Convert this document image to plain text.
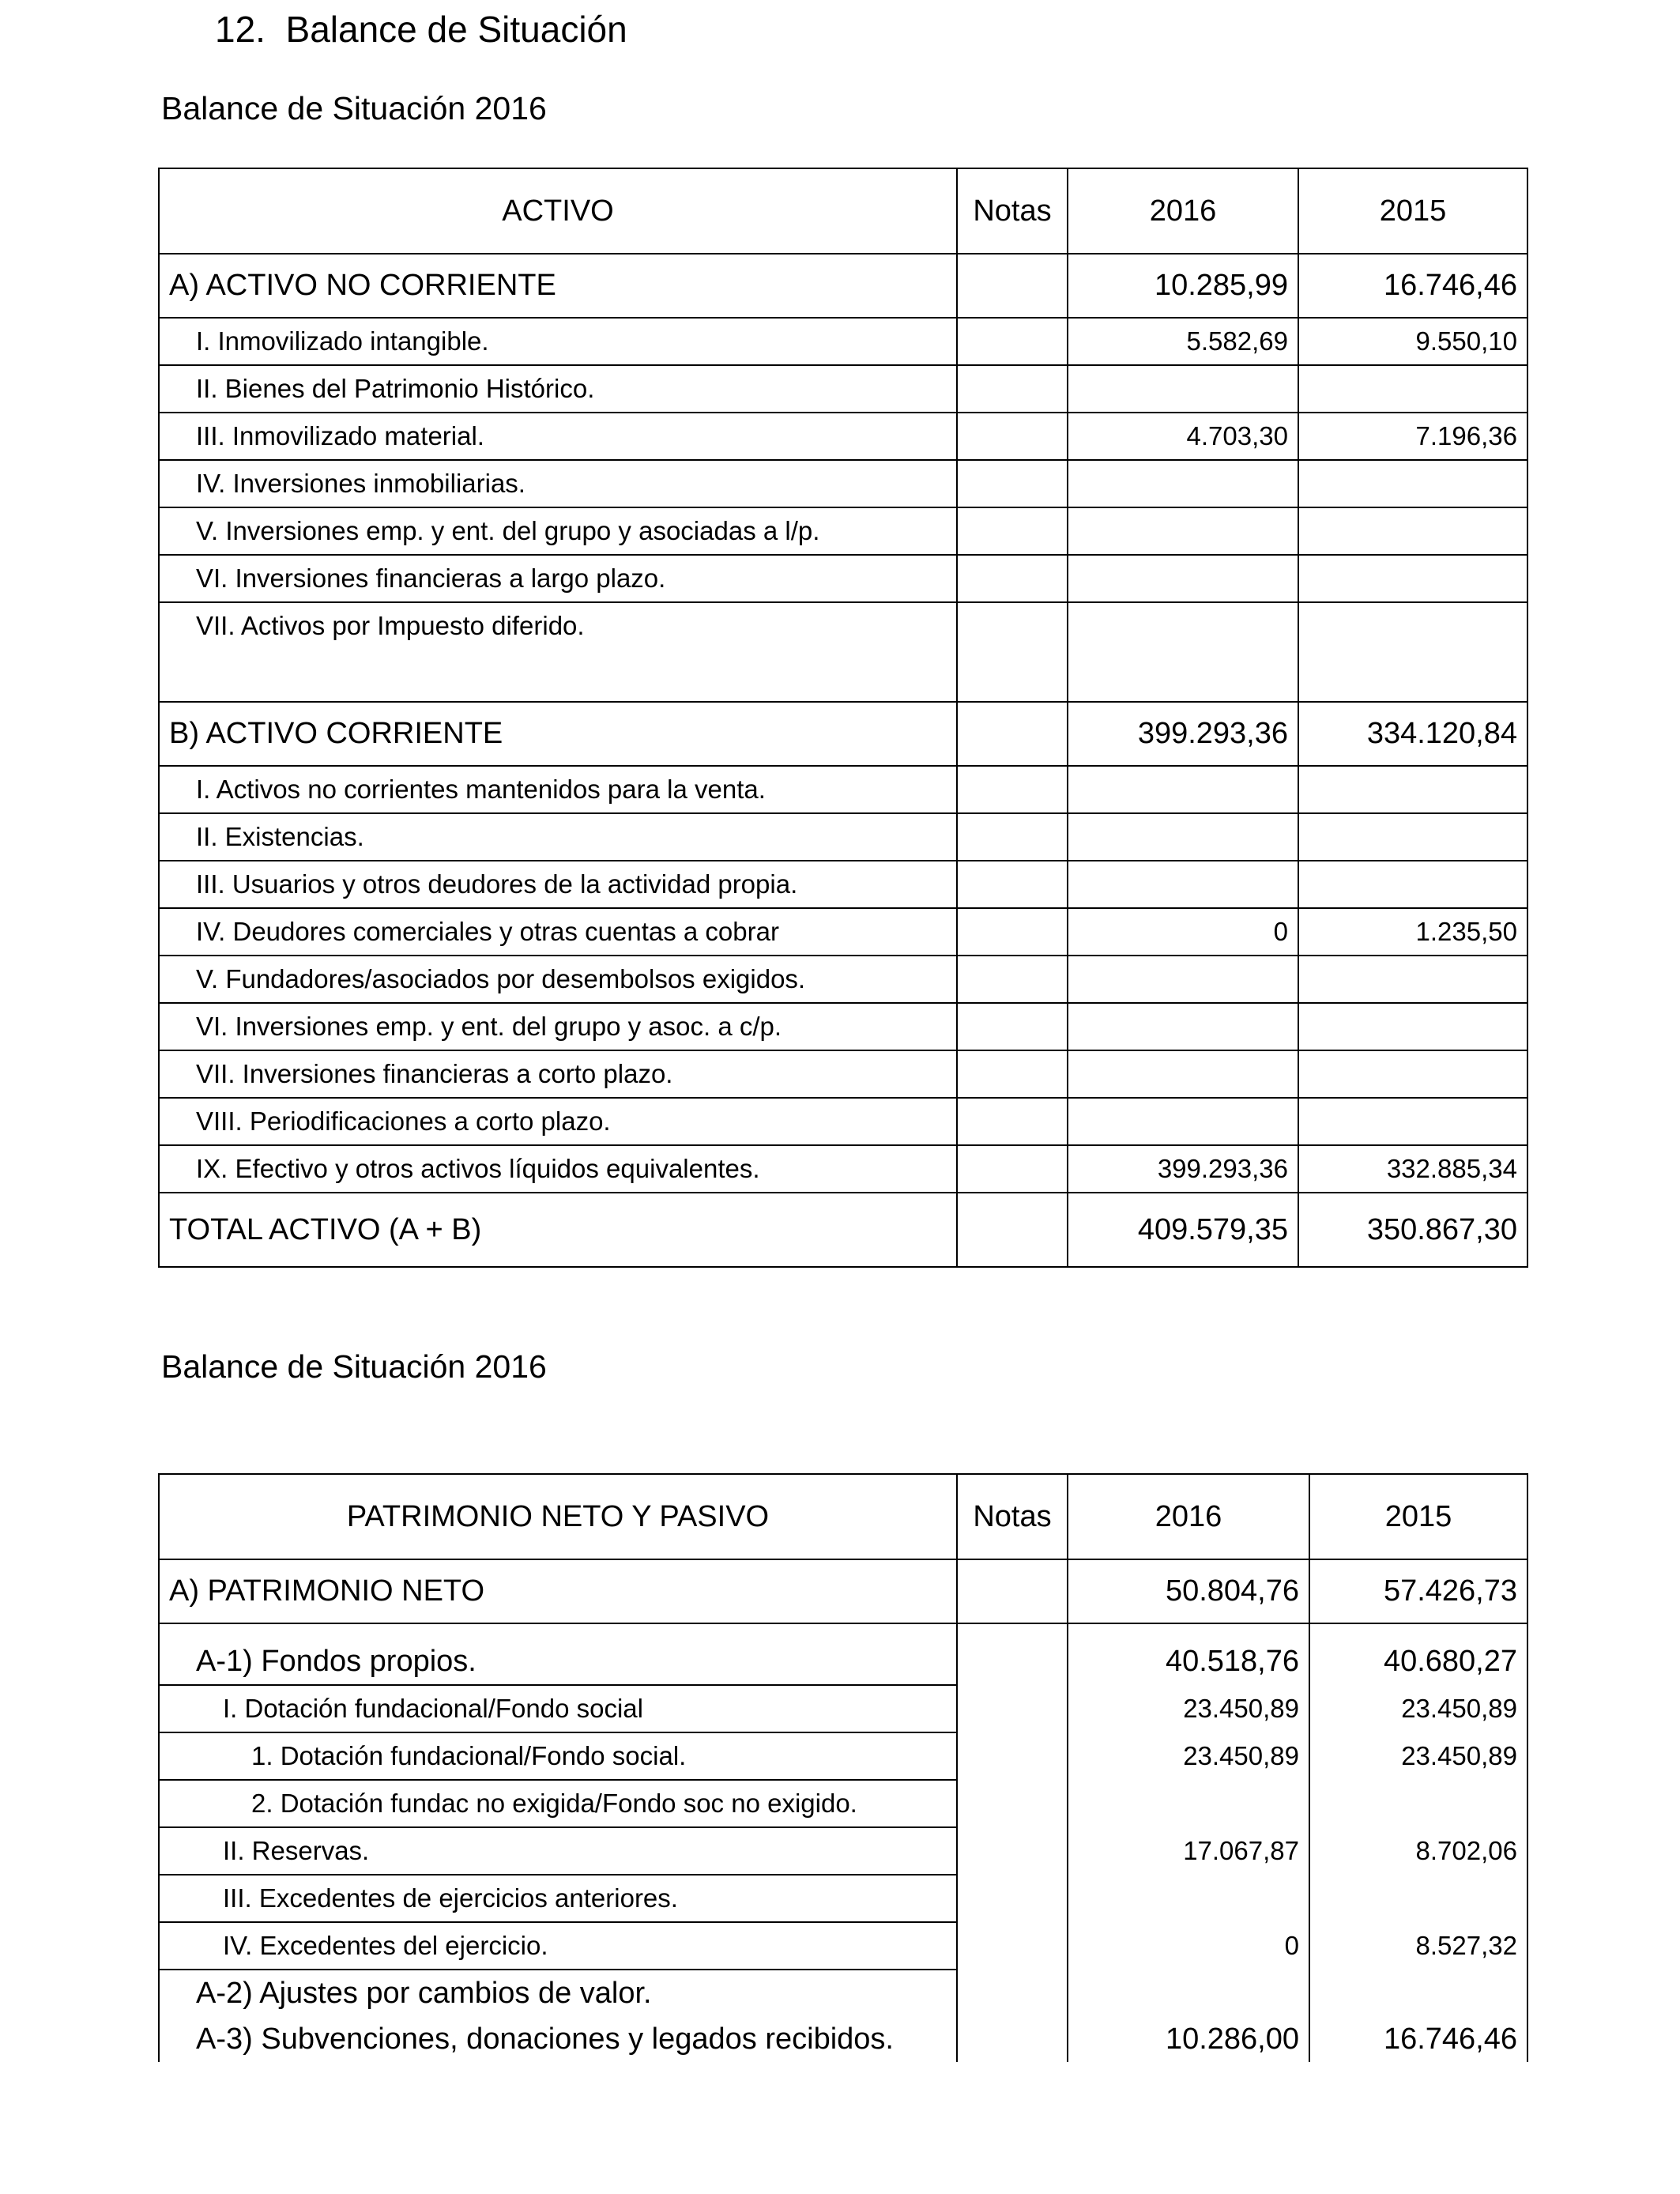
12. Balance de Situación
Balance de Situación 2016
ACTIVO	Notas	2016	2015
A) ACTIVO NO CORRIENTE		10.285,99	16.746,46
I. Inmovilizado intangible.		5.582,69	9.550,10
II. Bienes del Patrimonio Histórico.			
III. Inmovilizado material.		4.703,30	7.196,36
IV. Inversiones inmobiliarias.			
V. Inversiones emp. y ent. del grupo y asociadas a l/p.			
VI. Inversiones financieras a largo plazo.			
VII. Activos por Impuesto diferido.			
B) ACTIVO CORRIENTE		399.293,36	334.120,84
I. Activos no corrientes mantenidos para la venta.			
II. Existencias.			
III. Usuarios y otros deudores de la actividad propia.			
IV. Deudores comerciales y otras cuentas a cobrar		0	1.235,50
V. Fundadores/asociados por desembolsos exigidos.			
VI. Inversiones emp. y ent. del grupo y asoc. a c/p.			
VII. Inversiones financieras a corto plazo.			
VIII. Periodificaciones a corto plazo.			
IX. Efectivo y otros activos líquidos equivalentes.		399.293,36	332.885,34
TOTAL ACTIVO (A + B)		409.579,35	350.867,30
Balance de Situación 2016
PATRIMONIO NETO Y PASIVO	Notas	2016	2015
A) PATRIMONIO NETO		50.804,76	57.426,73

A-1) Fondos propios.		40.518,76	40.680,27
I. Dotación fundacional/Fondo social		23.450,89	23.450,89
1. Dotación fundacional/Fondo social.		23.450,89	23.450,89
2. Dotación fundac no exigida/Fondo soc no exigido.			
II. Reservas.		17.067,87	8.702,06
III. Excedentes de ejercicios anteriores.			
IV. Excedentes del ejercicio.		0	8.527,32
A-2) Ajustes por cambios de valor.			
A-3) Subvenciones, donaciones y legados recibidos.		10.286,00	16.746,46
